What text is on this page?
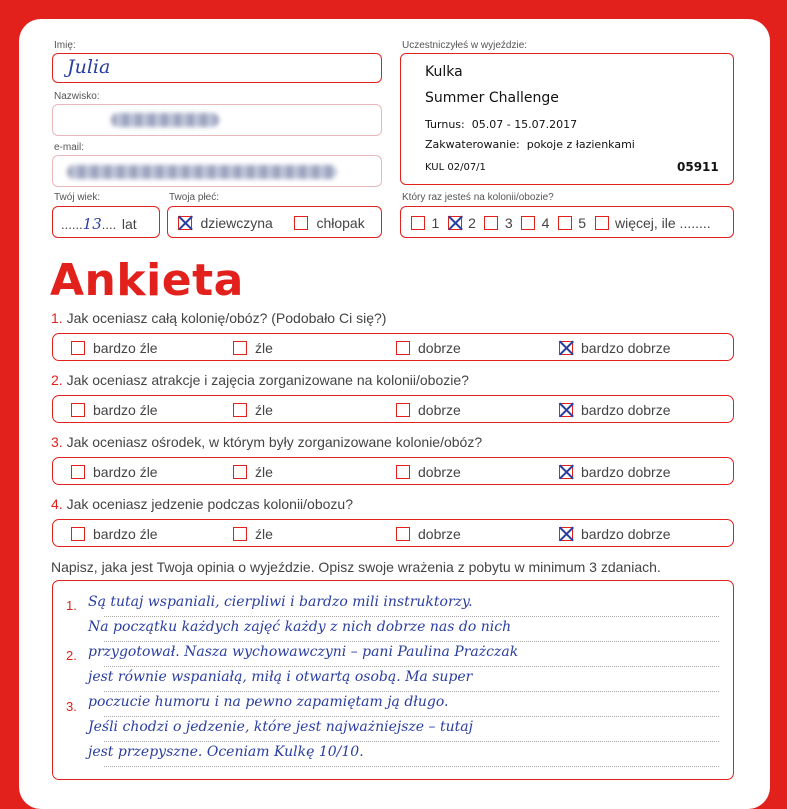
Imię:
Julia
Nazwisko:
e-mail:
Twój wiek:
......13.... lat
Twoja płeć:
dziewczyna	chłopak
Uczestniczyłeś w wyjeździe:
Kulka
Summer Challenge
Turnus: 05.07 - 15.07.2017
Zakwaterowanie: pokoje z łazienkami
KUL 02/07/1	05911
Który raz jesteś na kolonii/obozie?
1 2 3 4 5 więcej, ile ........
Ankieta
1. Jak oceniasz całą kolonię/obóz? (Podobało Ci się?)
bardzo źle	źle	dobrze	bardzo dobrze
2. Jak oceniasz atrakcje i zajęcia zorganizowane na kolonii/obozie?
bardzo źle	źle	dobrze	bardzo dobrze
3. Jak oceniasz ośrodek, w którym były zorganizowane kolonie/obóz?
bardzo źle	źle	dobrze	bardzo dobrze
4. Jak oceniasz jedzenie podczas kolonii/obozu?
bardzo źle	źle	dobrze	bardzo dobrze
Napisz, jaka jest Twoja opinia o wyjeździe. Opisz swoje wrażenia z pobytu w minimum 3 zdaniach.
1.
2.
3.
Są tutaj wspaniali, cierpliwi i bardzo mili instruktorzy.
Na początku każdych zajęć każdy z nich dobrze nas do nich
przygotował. Nasza wychowawczyni – pani Paulina Prażczak
jest równie wspaniałą, miłą i otwartą osobą. Ma super
poczucie humoru i na pewno zapamiętam ją długo.
Jeśli chodzi o jedzenie, które jest najważniejsze – tutaj
jest przepyszne. Oceniam Kulkę 10/10.
